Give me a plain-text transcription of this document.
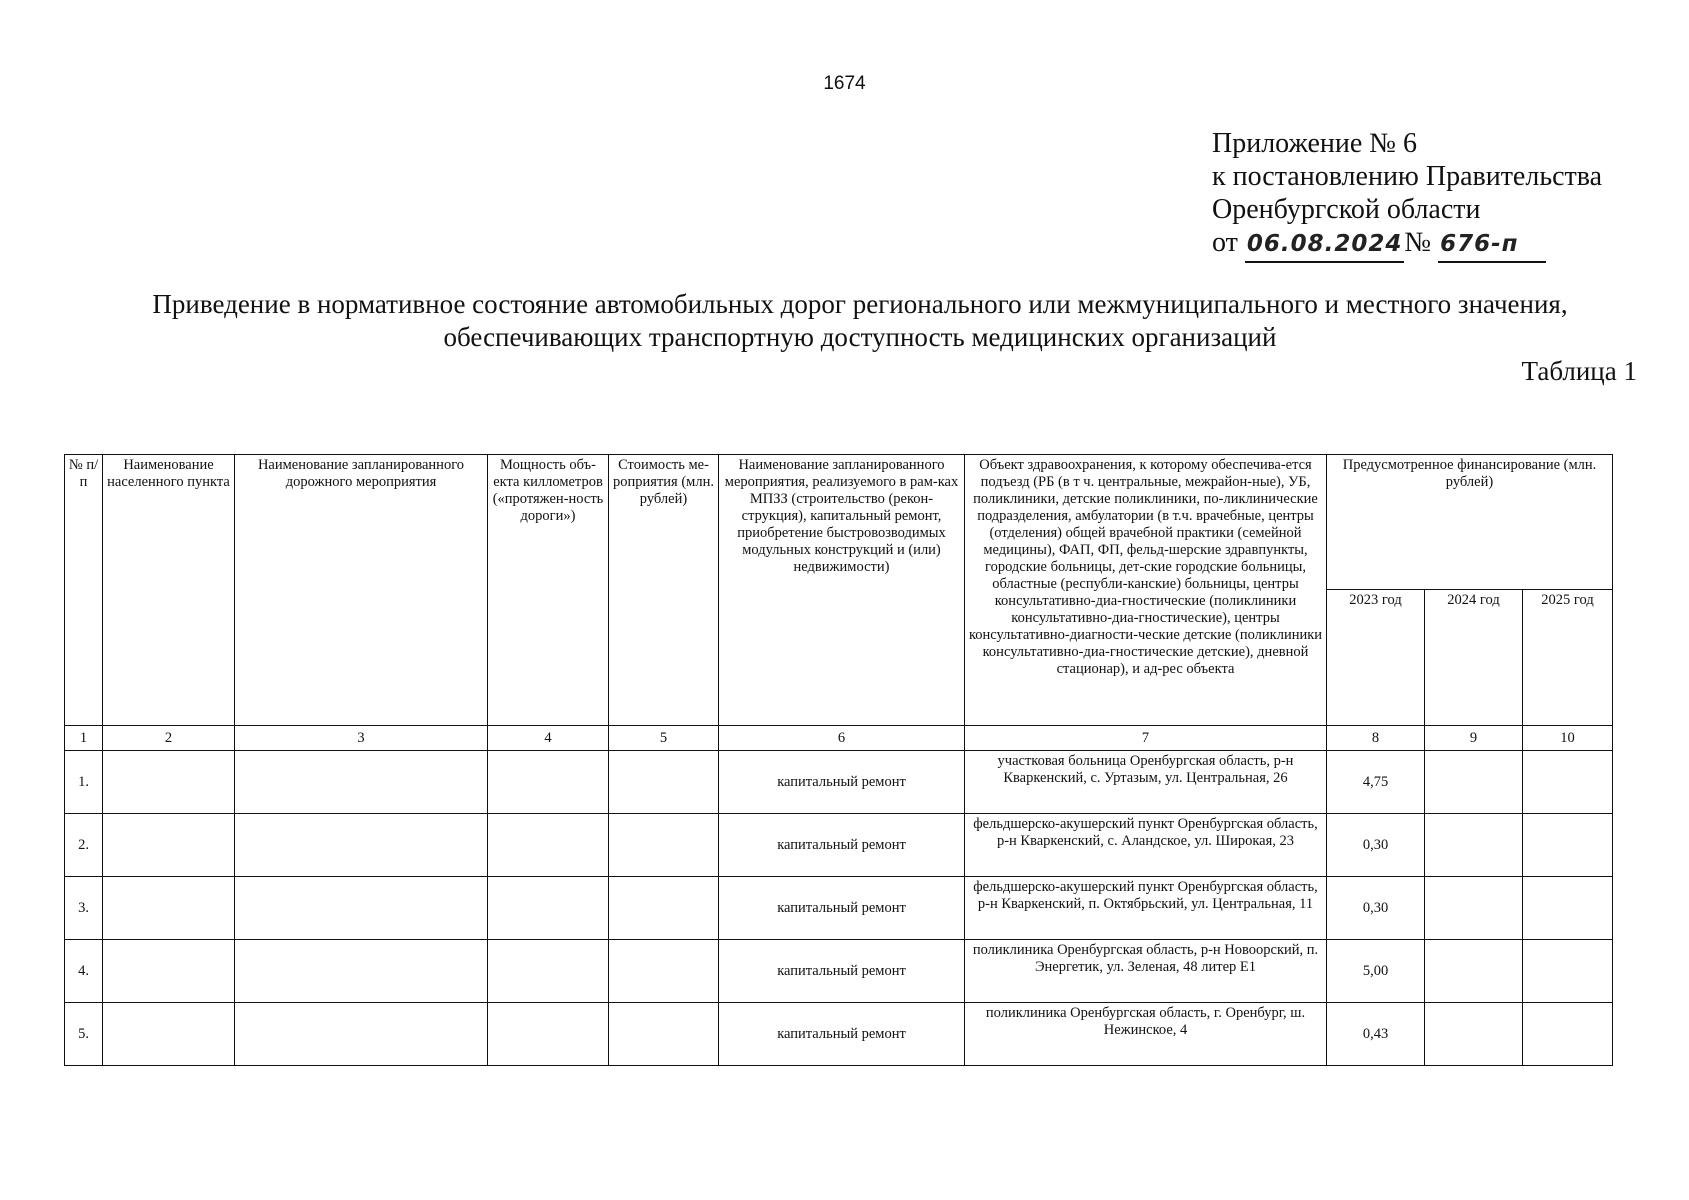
1674
Приложение № 6
к постановлению Правительства
Оренбургской области
от 06.08.2024№ 676-п
Приведение в нормативное состояние автомобильных дорог регионального или межмуниципального и местного значения,
обеспечивающих транспортную доступность медицинских организаций
Таблица 1
№ п/п	Наименование населенного пункта	Наименование запланированного дорожного мероприятия	Мощность объ-екта киллометров («протяжен-ность дороги»)	Стоимость ме-роприятия (млн. рублей)	Наименование запланированного мероприятия, реализуемого в рам-ках МПЗЗ (строительство (рекон-струкция), капитальный ремонт, приобретение быстровозводимых модульных конструкций и (или) недвижимости)	Объект здравоохранения, к которому обеспечива-ется подъезд (РБ (в т ч. центральные, межрайон-ные), УБ, поликлиники, детские поликлиники, по-ликлинические подразделения, амбулатории (в т.ч. врачебные, центры (отделения) общей врачебной практики (семейной медицины), ФАП, ФП, фельд-шерские здравпункты, городские больницы, дет-ские городские больницы, областные (республи-канские) больницы, центры консультативно-диа-гностические (поликлиники консультативно-диа-гностические), центры консультативно-диагности-ческие детские (поликлиники консультативно-диа-гностические детские), дневной стационар), и ад-рес объекта	Предусмотренное финансирование (млн. рублей)		
							2023 год	2024 год	2025 год
1	2	3	4	5	6	7	8	9	10
1.					капитальный ремонт	участковая больница Оренбургская область, р-н Кваркенский, с. Уртазым, ул. Центральная, 26	4,75		
2.					капитальный ремонт	фельдшерско-акушерский пункт Оренбургская область, р-н Кваркенский, с. Аландское, ул. Широкая, 23	0,30		
3.					капитальный ремонт	фельдшерско-акушерский пункт Оренбургская область, р-н Кваркенский, п. Октябрьский, ул. Центральная, 11	0,30		
4.					капитальный ремонт	поликлиника Оренбургская область, р-н Новоорский, п. Энергетик, ул. Зеленая, 48 литер Е1	5,00		
5.					капитальный ремонт	поликлиника Оренбургская область, г. Оренбург, ш. Нежинское, 4	0,43		
